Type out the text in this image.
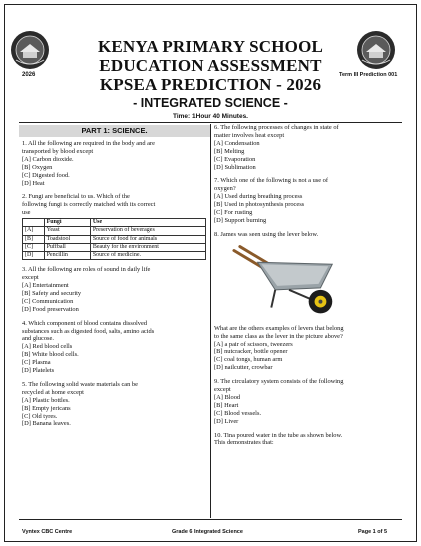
2026
KENYA PRIMARY SCHOOL
EDUCATION ASSESSMENT
KPSEA PREDICTION - 2026	Term III Prediction 001
- INTEGRATED SCIENCE -
Time: 1Hour 40 Minutes.
PART 1: SCIENCE.

1. All the following are required in the body and are

transported by blood except

[A] Carbon dioxide.

[B] Oxygen

[C] Digested food.

[D] Heat

2. Fungi are beneficial to us. Which of the

following fungi is correctly matched with its correct

use

	Fungi	Use
[A]	Yeast	Preservation of beverages
[B]	Toadstool	Source of food for animals
[C]	Puffball	Beauty for the environment
[D]	Pencillin	Source of medicine.

3. All the following are roles of sound in daily life

except

[A] Entertainment

[B] Safety and security

[C] Communication

[D] Food preservation

4. Which component of blood contains dissolved

substances such as digested food, salts, amino acids

and glucose.

[A] Red blood cells

[B] White blood cells.

[C] Plasma

[D] Platelets

5. The following solid waste materials can be

recycled at home except

[A] Plastic bottles.

[B] Empty jericans

[C] Old tyres.

[D] Banana leaves.

6. The following processes of changes in state of

matter involves heat except

[A] Condensation

[B] Melting

[C] Evaporation

[D] Sublimation

7. Which one of the following is not a use of

oxygen?

[A] Used during breathing process

[B] Used in photosynthesis process

[C] For rusting

[D] Support burning

8. James was seen using the lever below.

What are the others examples of levers that belong

to the same class as the lever in the picture above?

[A] a pair of scissors, tweezers

[B] nutcracker, bottle opener

[C] coal tongs, human arm

[D] nailcutter, crowbar

9. The circulatory system consists of the following

except

[A] Blood

[B] Heart

[C] Blood vessels.

[D] Liver

10. Tina poured water in the tube as shown below.

This demonstrates that:

Vyntex CBC Centre	Grade 6 Integrated Science	Page 1 of 5
